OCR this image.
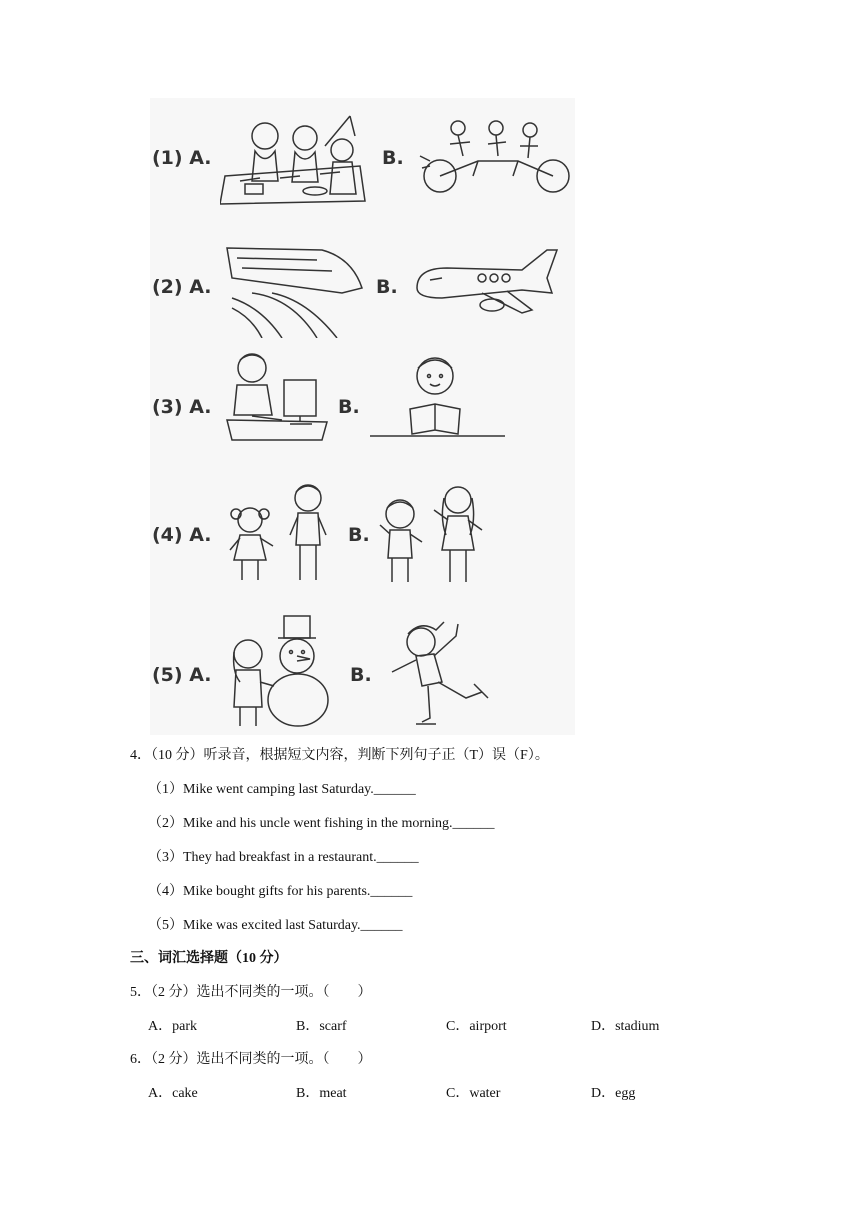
(1) A.	B.
(2) A.	B.
(3) A.	B.
(4) A.	B.
(5) A.	B.
4．（10 分）听录音，根据短文内容，判断下列句子正（T）误（F）。
（1）Mike went camping last Saturday.______
（2）Mike and his uncle went fishing in the morning.______
（3）They had breakfast in a restaurant.______
（4）Mike bought gifts for his parents.______
（5）Mike was excited last Saturday.______
三、词汇选择题（10 分）
5．（2 分）选出不同类的一项。（　　）
A．park	B．scarf	C．airport	D．stadium
6．（2 分）选出不同类的一项。（　　）
A．cake	B．meat	C．water	D．egg
